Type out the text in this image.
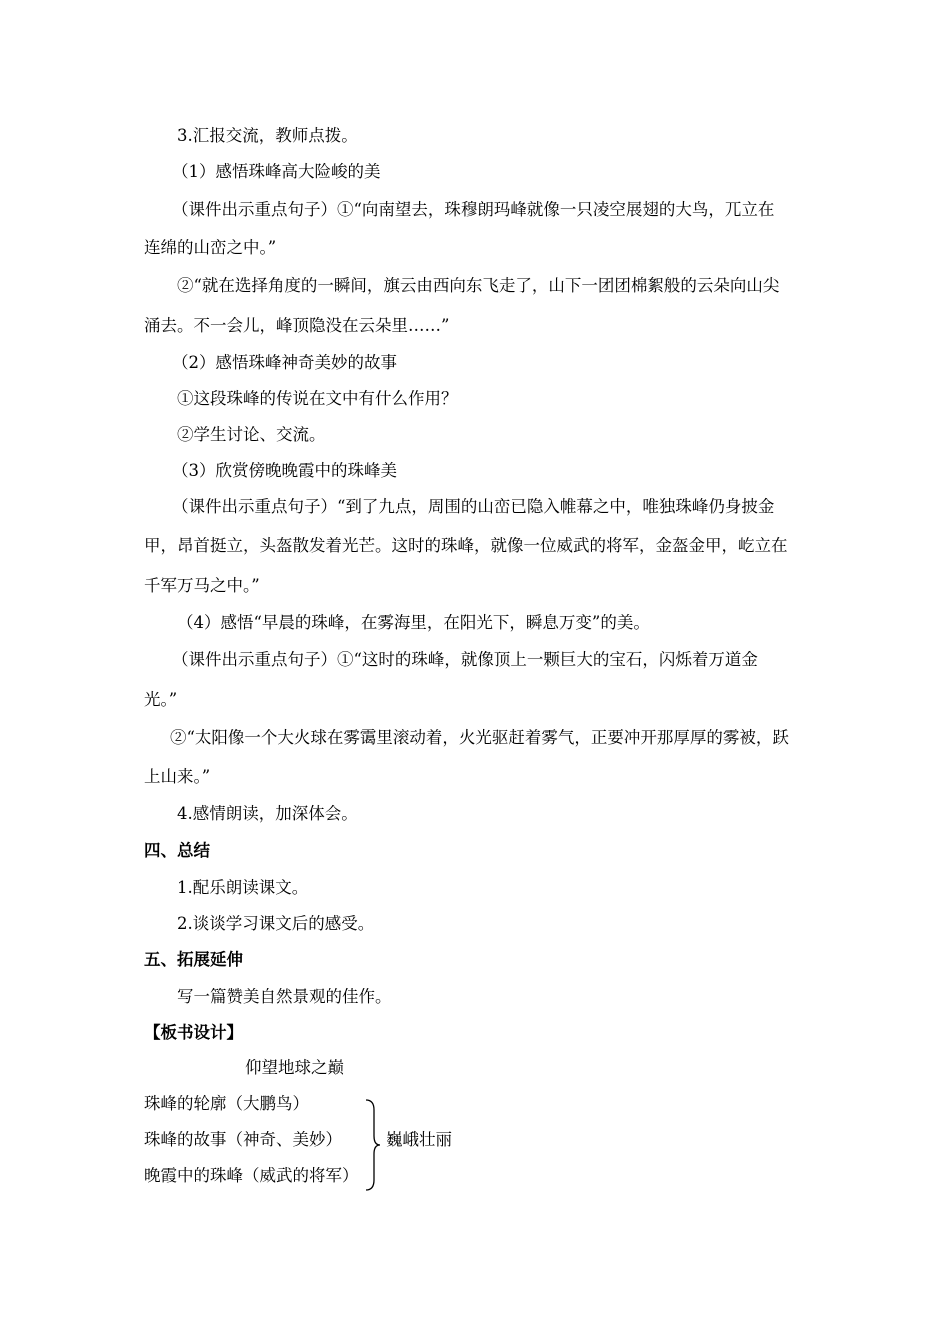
3.汇报交流，教师点拨。
（1）感悟珠峰高大险峻的美
（课件出示重点句子）①“向南望去，珠穆朗玛峰就像一只凌空展翅的大鸟，兀立在
连绵的山峦之中。”
②“就在选择角度的一瞬间，旗云由西向东飞走了，山下一团团棉絮般的云朵向山尖
涌去。不一会儿，峰顶隐没在云朵里……”
（2）感悟珠峰神奇美妙的故事
①这段珠峰的传说在文中有什么作用？
②学生讨论、交流。
（3）欣赏傍晚晚霞中的珠峰美
（课件出示重点句子）“到了九点，周围的山峦已隐入帷幕之中，唯独珠峰仍身披金
甲，昂首挺立，头盔散发着光芒。这时的珠峰，就像一位威武的将军，金盔金甲，屹立在
千军万马之中。”
（4）感悟“早晨的珠峰，在雾海里，在阳光下，瞬息万变”的美。
（课件出示重点句子）①“这时的珠峰，就像顶上一颗巨大的宝石，闪烁着万道金
光。”
②“太阳像一个大火球在雾霭里滚动着，火光驱赶着雾气，正要冲开那厚厚的雾被，跃
上山来。”
4.感情朗读，加深体会。
四、总结
1.配乐朗读课文。
2.谈谈学习课文后的感受。
五、拓展延伸
写一篇赞美自然景观的佳作。
【板书设计】
仰望地球之巅
珠峰的轮廓（大鹏鸟）
珠峰的故事（神奇、美妙）
晚霞中的珠峰（威武的将军）
巍峨壮丽
